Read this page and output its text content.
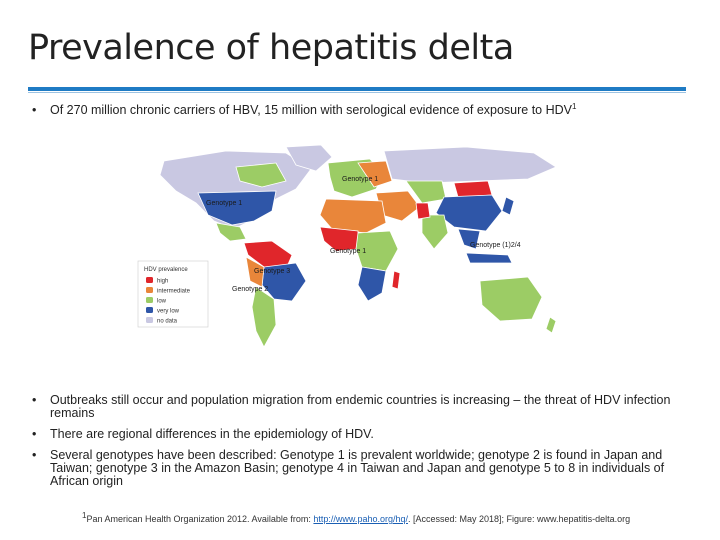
Prevalence of hepatitis delta
• Of 270 million chronic carriers of HBV, 15 million with serological evidence of exposure to HDV$^1$
Genotype 1
Genotype 1
Genotype (1)2/4
Genotype 3
Genotype 1
Genotype 2
HDV prevalence
high
intermediate
low
very low
no data
• Outbreaks still occur and population migration from endemic countries is increasing – the threat of HDV infection remains
• There are regional differences in the epidemiology of HDV.
• Several genotypes have been described: Genotype 1 is prevalent worldwide; genotype 2 is found in Japan and Taiwan; genotype 3 in the Amazon Basin; genotype 4 in Taiwan and Japan and genotype 5 to 8 in individuals of African origin
$^1$Pan American Health Organization 2012. Available from: http://www.paho.org/hq/. [Accessed: May 2018]; Figure: www.hepatitis-delta.org
